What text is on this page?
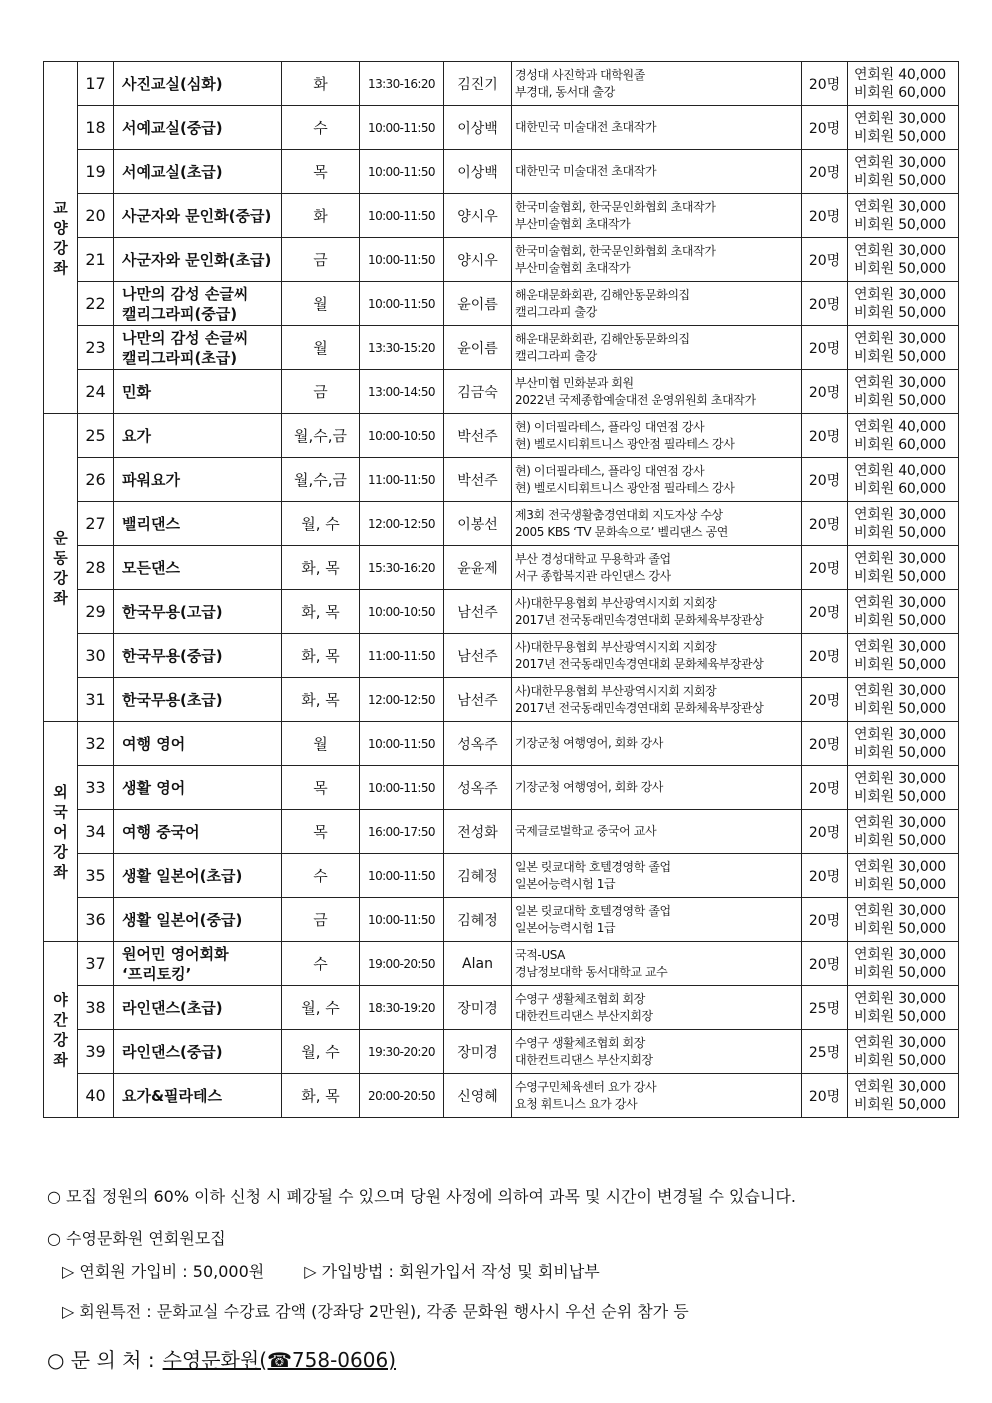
교양강좌	17	사진교실(심화)	화	13:30-16:20	김진기	경성대 사진학과 대학원졸
부경대, 동서대 출강	20명	연회원 40,000
비회원 60,000

	18	서예교실(중급)	수	10:00-11:50	이상백	대한민국 미술대전 초대작가	20명	연회원 30,000
비회원 50,000

	19	서예교실(초급)	목	10:00-11:50	이상백	대한민국 미술대전 초대작가	20명	연회원 30,000
비회원 50,000

	20	사군자와 문인화(중급)	화	10:00-11:50	양시우	한국미술협회, 한국문인화협회 초대작가
부산미술협회 초대작가	20명	연회원 30,000
비회원 50,000

	21	사군자와 문인화(초급)	금	10:00-11:50	양시우	한국미술협회, 한국문인화협회 초대작가
부산미술협회 초대작가	20명	연회원 30,000
비회원 50,000

	22	나만의 감성 손글씨
캘리그라피(중급)	월	10:00-11:50	윤이름	해운대문화회관, 김해안동문화의집
캘리그라피 출강	20명	연회원 30,000
비회원 50,000

	23	나만의 감성 손글씨
캘리그라피(초급)	월	13:30-15:20	윤이름	해운대문화회관, 김해안동문화의집
캘리그라피 출강	20명	연회원 30,000
비회원 50,000

	24	민화	금	13:00-14:50	김금숙	부산미협 민화분과 회원
2022년 국제종합예술대전 운영위원회 초대작가	20명	연회원 30,000
비회원 50,000

운동강좌	25	요가	월,수,금	10:00-10:50	박선주	현) 이더필라테스, 플라잉 대연점 강사
현) 벨로시티휘트니스 광안점 필라테스 강사	20명	연회원 40,000
비회원 60,000

	26	파워요가	월,수,금	11:00-11:50	박선주	현) 이더필라테스, 플라잉 대연점 강사
현) 벨로시티휘트니스 광안점 필라테스 강사	20명	연회원 40,000
비회원 60,000

	27	밸리댄스	월, 수	12:00-12:50	이봉선	제3회 전국생활춤경연대회 지도자상 수상
2005 KBS ‘TV 문화속으로’ 벨리댄스 공연	20명	연회원 30,000
비회원 50,000

	28	모든댄스	화, 목	15:30-16:20	윤윤제	부산 경성대학교 무용학과 졸업
서구 종합복지관 라인댄스 강사	20명	연회원 30,000
비회원 50,000

	29	한국무용(고급)	화, 목	10:00-10:50	남선주	사)대한무용협회 부산광역시지회 지회장
2017년 전국동래민속경연대회 문화체육부장관상	20명	연회원 30,000
비회원 50,000

	30	한국무용(중급)	화, 목	11:00-11:50	남선주	사)대한무용협회 부산광역시지회 지회장
2017년 전국동래민속경연대회 문화체육부장관상	20명	연회원 30,000
비회원 50,000

	31	한국무용(초급)	화, 목	12:00-12:50	남선주	사)대한무용협회 부산광역시지회 지회장
2017년 전국동래민속경연대회 문화체육부장관상	20명	연회원 30,000
비회원 50,000

외국어강좌	32	여행 영어	월	10:00-11:50	성옥주	기장군청 여행영어, 회화 강사	20명	연회원 30,000
비회원 50,000

	33	생활 영어	목	10:00-11:50	성옥주	기장군청 여행영어, 회화 강사	20명	연회원 30,000
비회원 50,000

	34	여행 중국어	목	16:00-17:50	전성화	국제글로벌학교 중국어 교사	20명	연회원 30,000
비회원 50,000

	35	생활 일본어(초급)	수	10:00-11:50	김혜정	일본 릿쿄대학 호텔경영학 졸업
일본어능력시험 1급	20명	연회원 30,000
비회원 50,000

	36	생활 일본어(중급)	금	10:00-11:50	김혜정	일본 릿쿄대학 호텔경영학 졸업
일본어능력시험 1급	20명	연회원 30,000
비회원 50,000

야간강좌	37	원어민 영어회화
‘프리토킹’	수	19:00-20:50	Alan	국적-USA
경남정보대학 동서대학교 교수	20명	연회원 30,000
비회원 50,000

	38	라인댄스(초급)	월, 수	18:30-19:20	장미경	수영구 생활체조협회 회장
대한컨트리댄스 부산지회장	25명	연회원 30,000
비회원 50,000

	39	라인댄스(중급)	월, 수	19:30-20:20	장미경	수영구 생활체조협회 회장
대한컨트리댄스 부산지회장	25명	연회원 30,000
비회원 50,000

	40	요가&필라테스	화, 목	20:00-20:50	신영혜	수영구민체육센터 요가 강사
요청 휘트니스 요가 강사	20명	연회원 30,000
비회원 50,000
○ 모집 정원의 60% 이하 신청 시 폐강될 수 있으며 당원 사정에 의하여 과목 및 시간이 변경될 수 있습니다.
○ 수영문화원 연회원모집
▷ 연회원 가입비 : 50,000원	▷ 가입방법 : 회원가입서 작성 및 회비납부
▷ 회원특전 : 문화교실 수강료 감액 (강좌당 2만원), 각종 문화원 행사시 우선 순위 참가 등
○ 문 의 처 : 수영문화원(☎758-0606)
